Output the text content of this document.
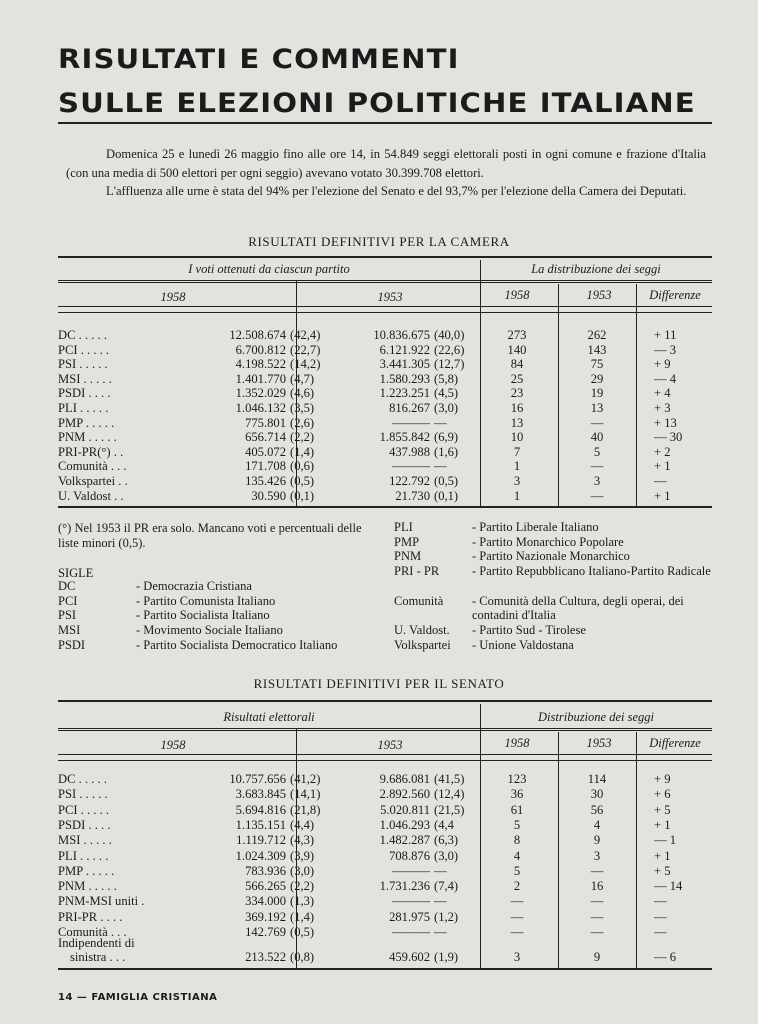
RISULTATI E COMMENTI
SULLE ELEZIONI POLITICHE ITALIANE

Domenica 25 e lunedì 26 maggio fino alle ore 14, in 54.849 seggi elettorali posti in ogni comune e frazione d'Italia (con una media di 500 elettori per ogni seggio) avevano votato 30.399.708 elettori.

L'affluenza alle urne è stata del 94% per l'elezione del Senato e del 93,7% per l'elezione della Camera dei Deputati.

RISULTATI DEFINITIVI PER LA CAMERA
I voti ottenuti da ciascun partito	La distribuzione dei seggi
1958	1953	1958	1953	Differenze
DC . . . . .	12.508.674 (42,4)	10.836.675 (40,0)	273	262	+ 11
PCI . . . . .	6.700.812 (22,7)	6.121.922 (22,6)	140	143	— 3
PSI . . . . .	4.198.522 (14,2)	3.441.305 (12,7)	84	75	+ 9
MSI . . . . .	1.401.770 (4,7)	1.580.293 (5,8)	25	29	— 4
PSDI . . . .	1.352.029 (4,6)	1.223.251 (4,5)	23	19	+ 4
PLI . . . . .	1.046.132 (3,5)	816.267 (3,0)	16	13	+ 3
PMP . . . . .	775.801 (2,6)	——— —	13	—	+ 13
PNM . . . . .	656.714 (2,2)	1.855.842 (6,9)	10	40	— 30
PRI-PR(°) . .	405.072 (1,4)	437.988 (1,6)	7	5	+ 2
Comunità . . .	171.708 (0,6)	——— —	1	—	+ 1
Volkspartei . .	135.426 (0,5)	122.792 (0,5)	3	3	—
U. Valdost . .	30.590 (0,1)	21.730 (0,1)	1	—	+ 1
(°) Nel 1953 il PR era solo. Mancano voti e percentuali delle liste minori (0,5).
SIGLE
DC	- Democrazia Cristiana
PCI	- Partito Comunista Italiano
PSI	- Partito Socialista Italiano
MSI	- Movimento Sociale Italiano
PSDI	- Partito Socialista Democratico Italiano
PLI	- Partito Liberale Italiano
PMP	- Partito Monarchico Popolare
PNM	- Partito Nazionale Monarchico
PRI - PR	- Partito Repubblicano Italiano-Partito Radicale
Comunità - Comunità della Cultura, degli operai, dei contadini d'Italia
U. Valdost. - Partito Sud - Tirolese
Volkspartei - Unione Valdostana
RISULTATI DEFINITIVI PER IL SENATO
Risultati elettorali	Distribuzione dei seggi
1958	1953	1958	1953	Differenze
DC . . . . .	10.757.656 (41,2)	9.686.081 (41,5)	123	114	+ 9
PSI . . . . .	3.683.845 (14,1)	2.892.560 (12,4)	36	30	+ 6
PCI . . . . .	5.694.816 (21,8)	5.020.811 (21,5)	61	56	+ 5
PSDI . . . .	1.135.151 (4,4)	1.046.293 (4,4	5	4	+ 1
MSI . . . . .	1.119.712 (4,3)	1.482.287 (6,3)	8	9	— 1
PLI . . . . .	1.024.309 (3,9)	708.876 (3,0)	4	3	+ 1
PMP . . . . .	783.936 (3,0)	——— —	5	—	+ 5
PNM . . . . .	566.265 (2,2)	1.731.236 (7,4)	2	16	— 14
PNM-MSI uniti .	334.000 (1,3)	——— —	—	—	—
PRI-PR . . . .	369.192 (1,4)	281.975 (1,2)	—	—	—
Comunità . . .	142.769 (0,5)	——— —	—	—	—
Indipendenti di
sinistra . . .	213.522 (0,8)	459.602 (1,9)	3	9	— 6
14 — FAMIGLIA CRISTIANA
